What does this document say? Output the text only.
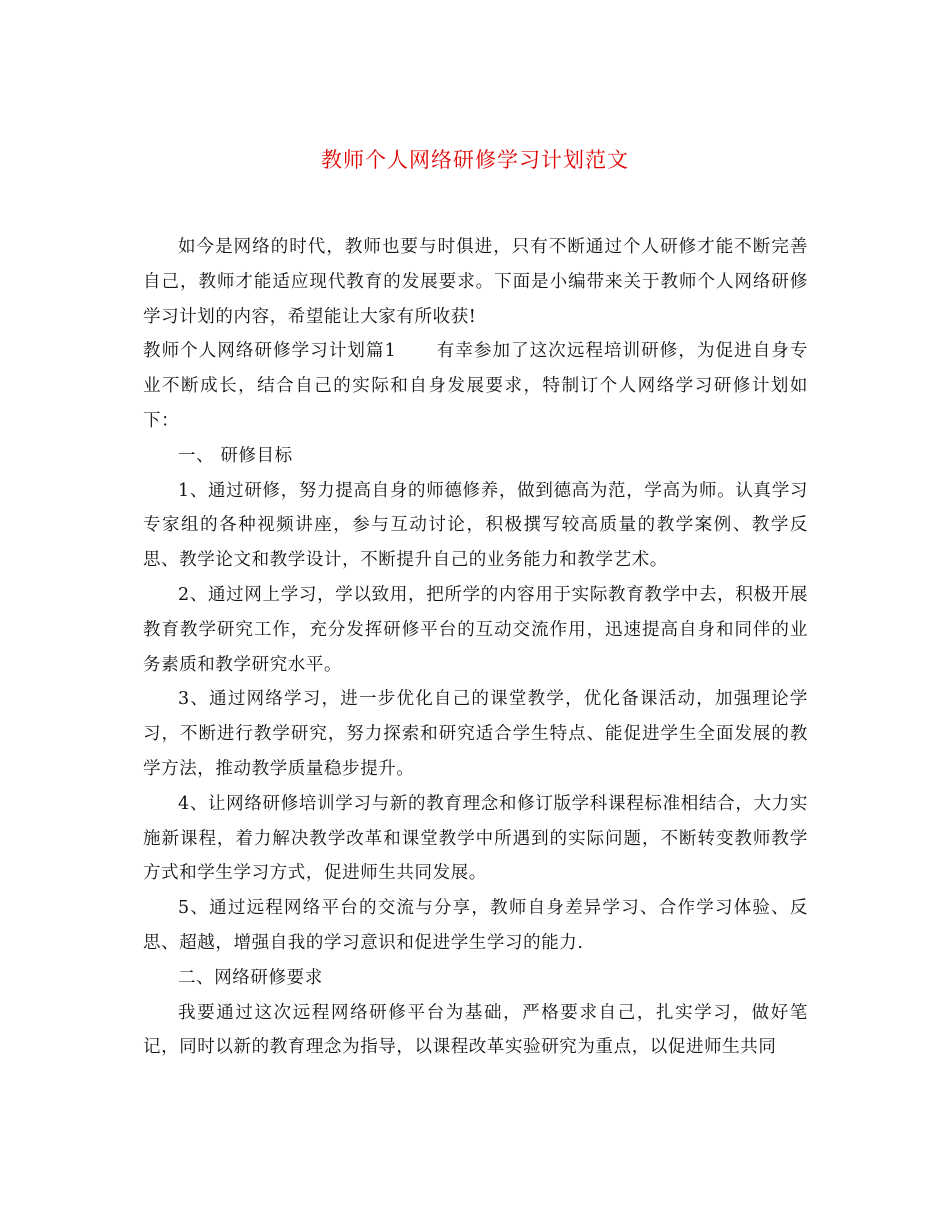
教师个人网络研修学习计划范文

如今是网络的时代，教师也要与时俱进，只有不断通过个人研修才能不断完善自己，教师才能适应现代教育的发展要求。下面是小编带来关于教师个人网络研修学习计划的内容，希望能让大家有所收获!

教师个人网络研修学习计划篇1 有幸参加了这次远程培训研修，为促进自身专业不断成长，结合自己的实际和自身发展要求，特制订个人网络学习研修计划如下：

一、 研修目标

1、通过研修，努力提高自身的师德修养，做到德高为范，学高为师。认真学习专家组的各种视频讲座，参与互动讨论，积极撰写较高质量的教学案例、教学反思、教学论文和教学设计，不断提升自己的业务能力和教学艺术。

2、通过网上学习，学以致用，把所学的内容用于实际教育教学中去，积极开展教育教学研究工作，充分发挥研修平台的互动交流作用，迅速提高自身和同伴的业务素质和教学研究水平。

3、通过网络学习，进一步优化自己的课堂教学，优化备课活动，加强理论学习，不断进行教学研究，努力探索和研究适合学生特点、能促进学生全面发展的教学方法，推动教学质量稳步提升。

4、让网络研修培训学习与新的教育理念和修订版学科课程标准相结合，大力实施新课程，着力解决教学改革和课堂教学中所遇到的实际问题，不断转变教师教学方式和学生学习方式，促进师生共同发展。

5、通过远程网络平台的交流与分享，教师自身差异学习、合作学习体验、反思、超越，增强自我的学习意识和促进学生学习的能力.

二、网络研修要求

我要通过这次远程网络研修平台为基础，严格要求自己，扎实学习，做好笔记，同时以新的教育理念为指导，以课程改革实验研究为重点，以促进师生共同
